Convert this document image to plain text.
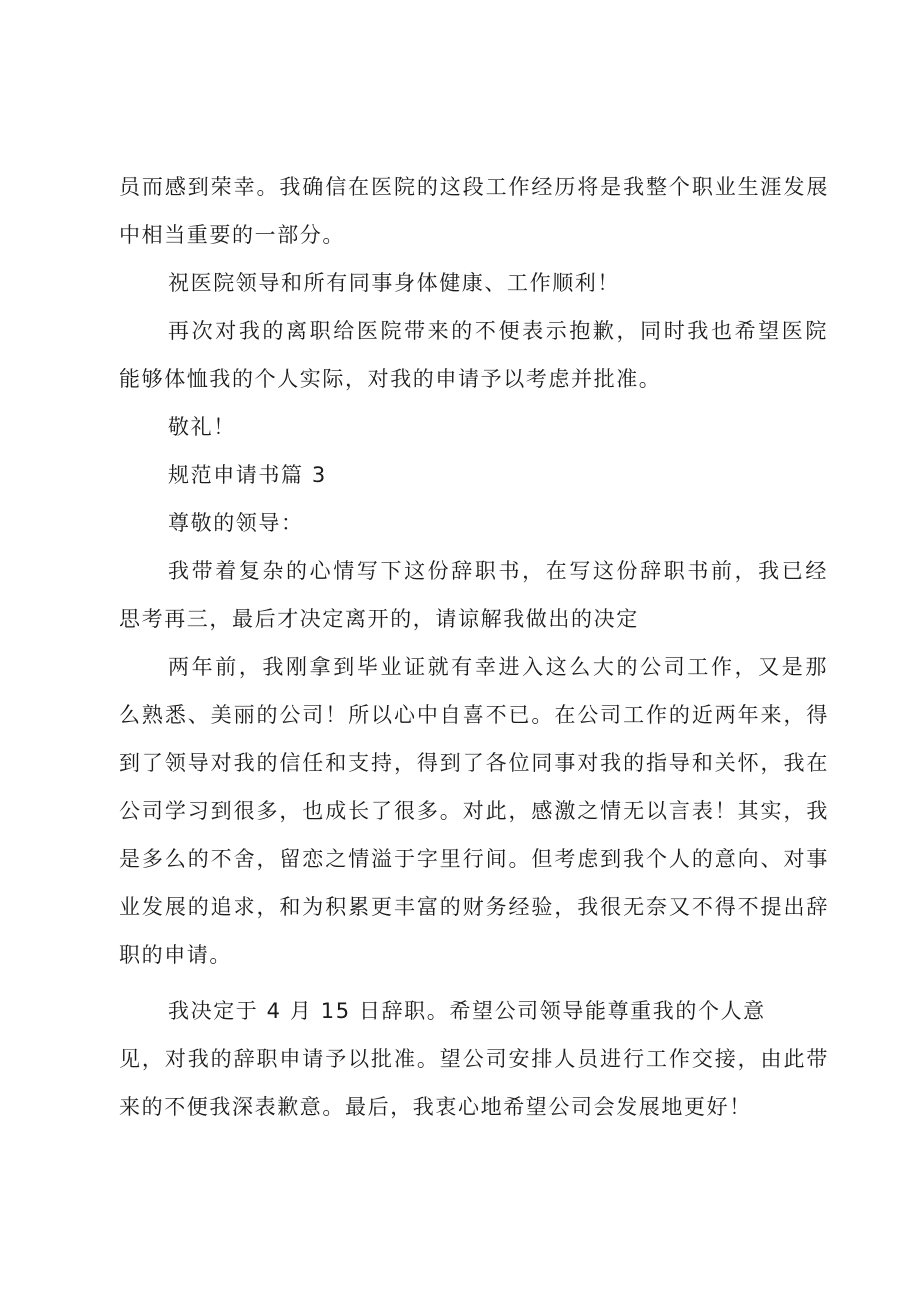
员而感到荣幸。我确信在医院的这段工作经历将是我整个职业生涯发展
中相当重要的一部分。
祝医院领导和所有同事身体健康、工作顺利！
再次对我的离职给医院带来的不便表示抱歉，同时我也希望医院
能够体恤我的个人实际，对我的申请予以考虑并批准。
敬礼！
规范申请书篇 3
尊敬的领导：
我带着复杂的心情写下这份辞职书，在写这份辞职书前，我已经
思考再三，最后才决定离开的，请谅解我做出的决定
两年前，我刚拿到毕业证就有幸进入这么大的公司工作，又是那
么熟悉、美丽的公司！所以心中自喜不已。在公司工作的近两年来，得
到了领导对我的信任和支持，得到了各位同事对我的指导和关怀，我在
公司学习到很多，也成长了很多。对此，感激之情无以言表！其实，我
是多么的不舍，留恋之情溢于字里行间。但考虑到我个人的意向、对事
业发展的追求，和为积累更丰富的财务经验，我很无奈又不得不提出辞
职的申请。
我决定于 4 月 15 日辞职。希望公司领导能尊重我的个人意
见，对我的辞职申请予以批准。望公司安排人员进行工作交接，由此带
来的不便我深表歉意。最后，我衷心地希望公司会发展地更好！
